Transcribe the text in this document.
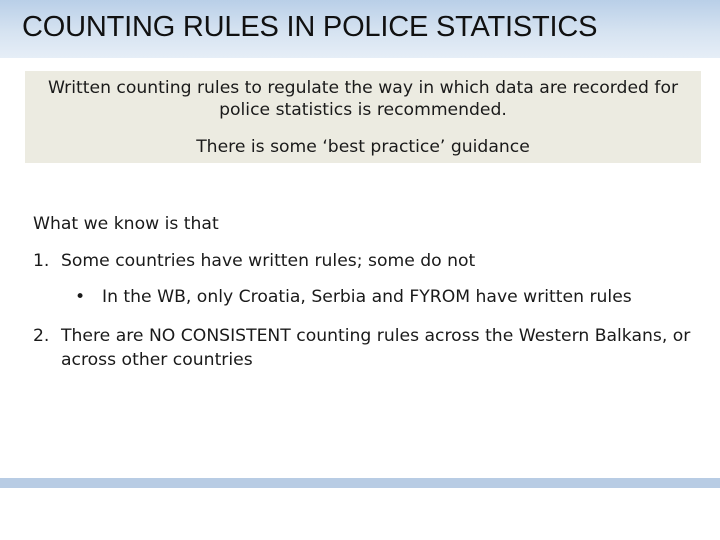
COUNTING RULES IN POLICE STATISTICS
Written counting rules to regulate the way in which data are recorded for police statistics is recommended.
There is some ‘best practice’ guidance
What we know is that
1. Some countries have written rules; some do not
• In the WB, only Croatia, Serbia and FYROM have written rules
2. There are NO CONSISTENT counting rules across the Western Balkans, or across other countries
